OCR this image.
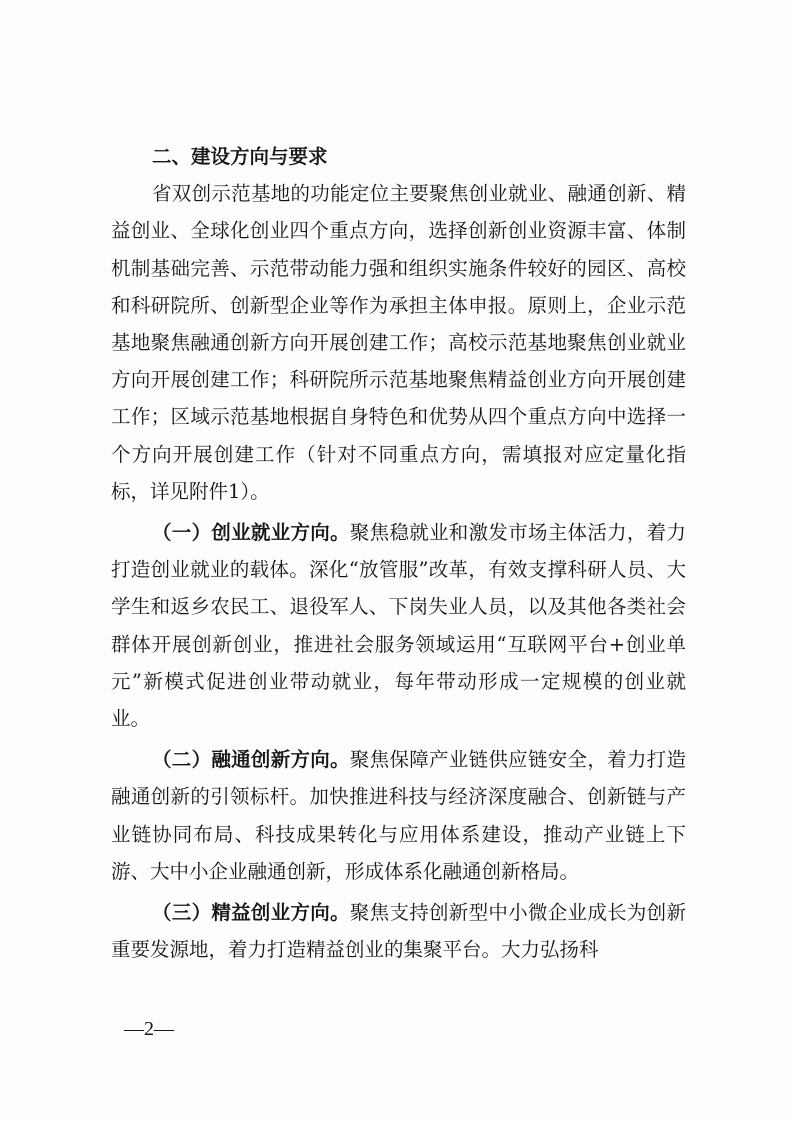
二、建设方向与要求

省双创示范基地的功能定位主要聚焦创业就业、融通创新、精益创业、全球化创业四个重点方向，选择创新创业资源丰富、体制机制基础完善、示范带动能力强和组织实施条件较好的园区、高校和科研院所、创新型企业等作为承担主体申报。原则上，企业示范基地聚焦融通创新方向开展创建工作；高校示范基地聚焦创业就业方向开展创建工作；科研院所示范基地聚焦精益创业方向开展创建工作；区域示范基地根据自身特色和优势从四个重点方向中选择一个方向开展创建工作（针对不同重点方向，需填报对应定量化指标，详见附件1）。

（一）创业就业方向。聚焦稳就业和激发市场主体活力，着力打造创业就业的载体。深化“放管服”改革，有效支撑科研人员、大学生和返乡农民工、退役军人、下岗失业人员，以及其他各类社会群体开展创新创业，推进社会服务领域运用“互联网平台+创业单元”新模式促进创业带动就业，每年带动形成一定规模的创业就业。

（二）融通创新方向。聚焦保障产业链供应链安全，着力打造融通创新的引领标杆。加快推进科技与经济深度融合、创新链与产业链协同布局、科技成果转化与应用体系建设，推动产业链上下游、大中小企业融通创新，形成体系化融通创新格局。

（三）精益创业方向。聚焦支持创新型中小微企业成长为创新重要发源地，着力打造精益创业的集聚平台。大力弘扬科

—2—
